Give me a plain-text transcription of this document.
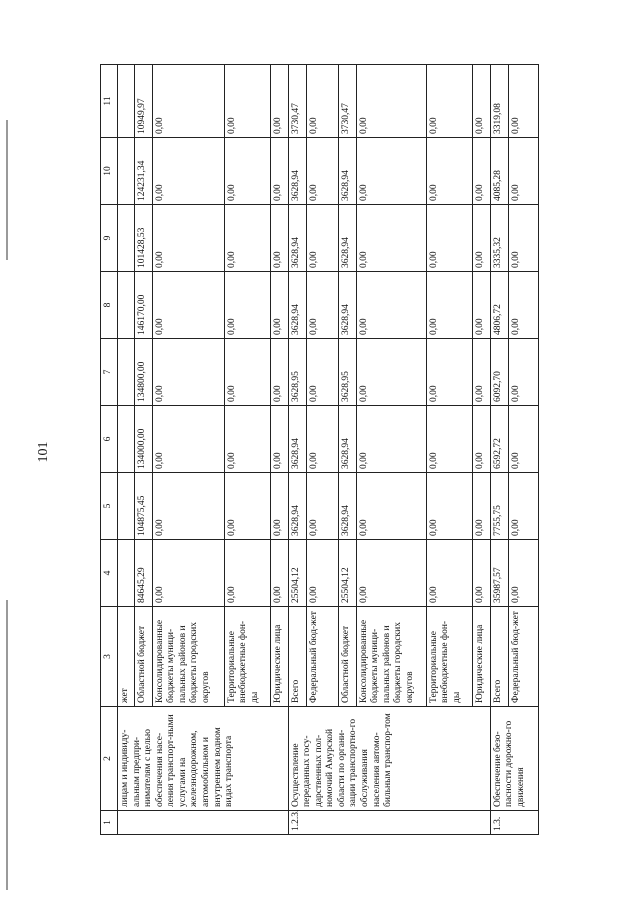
101
1	2	3	4	5	6	7	8	9	10	11
	лицам и индивиду-альным предпри-нимателям с целью обеспечения насе-ления транспорт-ными услугами на железнодорожном, автомобильном и внутреннем водном видах транспорта	жет								
		Областной бюджет	84645,29	104875,45	134000,00	134800,00	146170,00	101428,53	124231,34	10949,97
		Консолидированные бюджеты муници-пальных районов и бюджеты городских округов	0,00	0,00	0,00	0,00	0,00	0,00	0,00	0,00
		Территориальные внебюджетные фон-ды	0,00	0,00	0,00	0,00	0,00	0,00	0,00	0,00
		Юридические лица	0,00	0,00	0,00	0,00	0,00	0,00	0,00	0,00
1.2.3.	Осуществление переданных госу-дарственных пол-номочий Амурской области по органи-зации транспортно-го обслуживания населения автомо-бильным транспор-том	Всего	25504,12	3628,94	3628,94	3628,95	3628,94	3628,94	3628,94	3730,47
		Федеральный бюд-жет	0,00	0,00	0,00	0,00	0,00	0,00	0,00	0,00
		Областной бюджет	25504,12	3628,94	3628,94	3628,95	3628,94	3628,94	3628,94	3730,47
		Консолидированные бюджеты муници-пальных районов и бюджеты городских округов	0,00	0,00	0,00	0,00	0,00	0,00	0,00	0,00
		Территориальные внебюджетные фон-ды	0,00	0,00	0,00	0,00	0,00	0,00	0,00	0,00
		Юридические лица	0,00	0,00	0,00	0,00	0,00	0,00	0,00	0,00
1.3.	Обеспечение безо-пасности дорожно-го движения	Всего	35987,57	7755,75	6592,72	6092,70	4806,72	3335,32	4085,28	3319,08
		Федеральный бюд-жет	0,00	0,00	0,00	0,00	0,00	0,00	0,00	0,00
